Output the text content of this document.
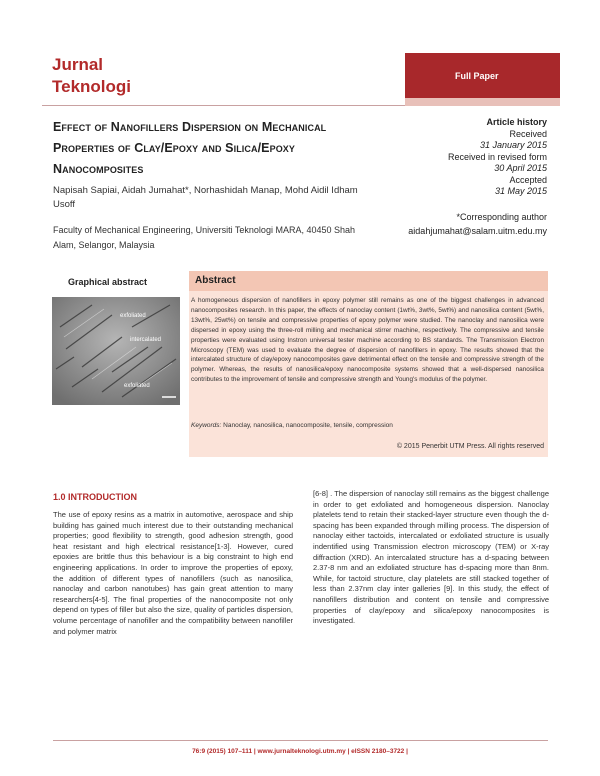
Jurnal
Teknologi
Full Paper
Effect of Nanofillers Dispersion on Mechanical Properties of Clay/Epoxy and Silica/Epoxy Nanocomposites
Napisah Sapiai, Aidah Jumahat*, Norhashidah Manap, Mohd Aidil Idham Usoff
Faculty of Mechanical Engineering, Universiti Teknologi MARA, 40450 Shah Alam, Selangor, Malaysia
Article history
Received
31 January 2015
Received in revised form
30 April 2015
Accepted
31 May 2015
*Corresponding author
aidahjumahat@salam.uitm.edu.my
Graphical abstract
exfoliated
intercalated
exfoliated
Abstract
A homogeneous dispersion of nanofillers in epoxy polymer still remains as one of the biggest challenges in advanced nanocomposites research. In this paper, the effects of nanoclay content (1wt%, 3wt%, 5wt%) and nanosilica content (5wt%, 13wt%, 25wt%) on tensile and compressive properties of epoxy polymer were studied. The nanoclay and nanosilica were dispersed in epoxy using the three-roll milling and mechanical stirrer machine, respectively. The compressive and tensile properties were evaluated using Instron universal tester machine according to BS standards. The Transmission Electron Microscopy (TEM) was used to evaluate the degree of dispersion of nanofillers in epoxy. The results showed that the intercalated structure of clay/epoxy nanocomposites gave detrimental effect on the tensile and compressive strength of the polymer. Whereas, the results of nanosilica/epoxy nanocomposite systems showed that a well-dispersed nanosilica contributes to the improvement of tensile and compressive strength and Young's modulus of the polymer.
Keywords: Nanoclay, nanosilica, nanocomposite, tensile, compression
© 2015 Penerbit UTM Press. All rights reserved
1.0 INTRODUCTION
The use of epoxy resins as a matrix in automotive, aerospace and ship building has gained much interest due to their outstanding mechanical properties; good flexibility to strength, good adhesion strength, good heat resistant and high electrical resistance[1-3]. However, cured epoxies are brittle thus this behaviour is a big constraint to high end engineering applications. In order to improve the properties of epoxy, the addition of different types of nanofillers (such as nanosilica, nanoclay and carbon nanotubes) has gain great attention to many researchers[4-5]. The final properties of the nanocomposite not only depend on types of filler but also the size, quality of particles dispersion, volume percentage of nanofiller and the compatibility between nanofiller and polymer matrix
[6-8] . The dispersion of nanoclay still remains as the biggest challenge in order to get exfoliated and homogeneous dispersion. Nanoclay platelets tend to retain their stacked-layer structure even though the d-spacing has been expanded through milling process. The dispersion of nanoclay either tactoids, intercalated or exfoliated structure is usually indentified using Transmission electron microscopy (TEM) or X-ray diffraction (XRD). An intercalated structure has a d-spacing between 2.37-8 nm and an exfoliated structure has d-spacing more than 8nm. While, for tactoid structure, clay platelets are still stacked together of less than 2.37nm clay inter galleries [9]. In this study, the effect of nanofillers distribution and content on tensile and compressive properties of clay/epoxy and silica/epoxy nanocomposites is investigated.
76:9 (2015) 107–111 | www.jurnalteknologi.utm.my | eISSN 2180–3722 |
